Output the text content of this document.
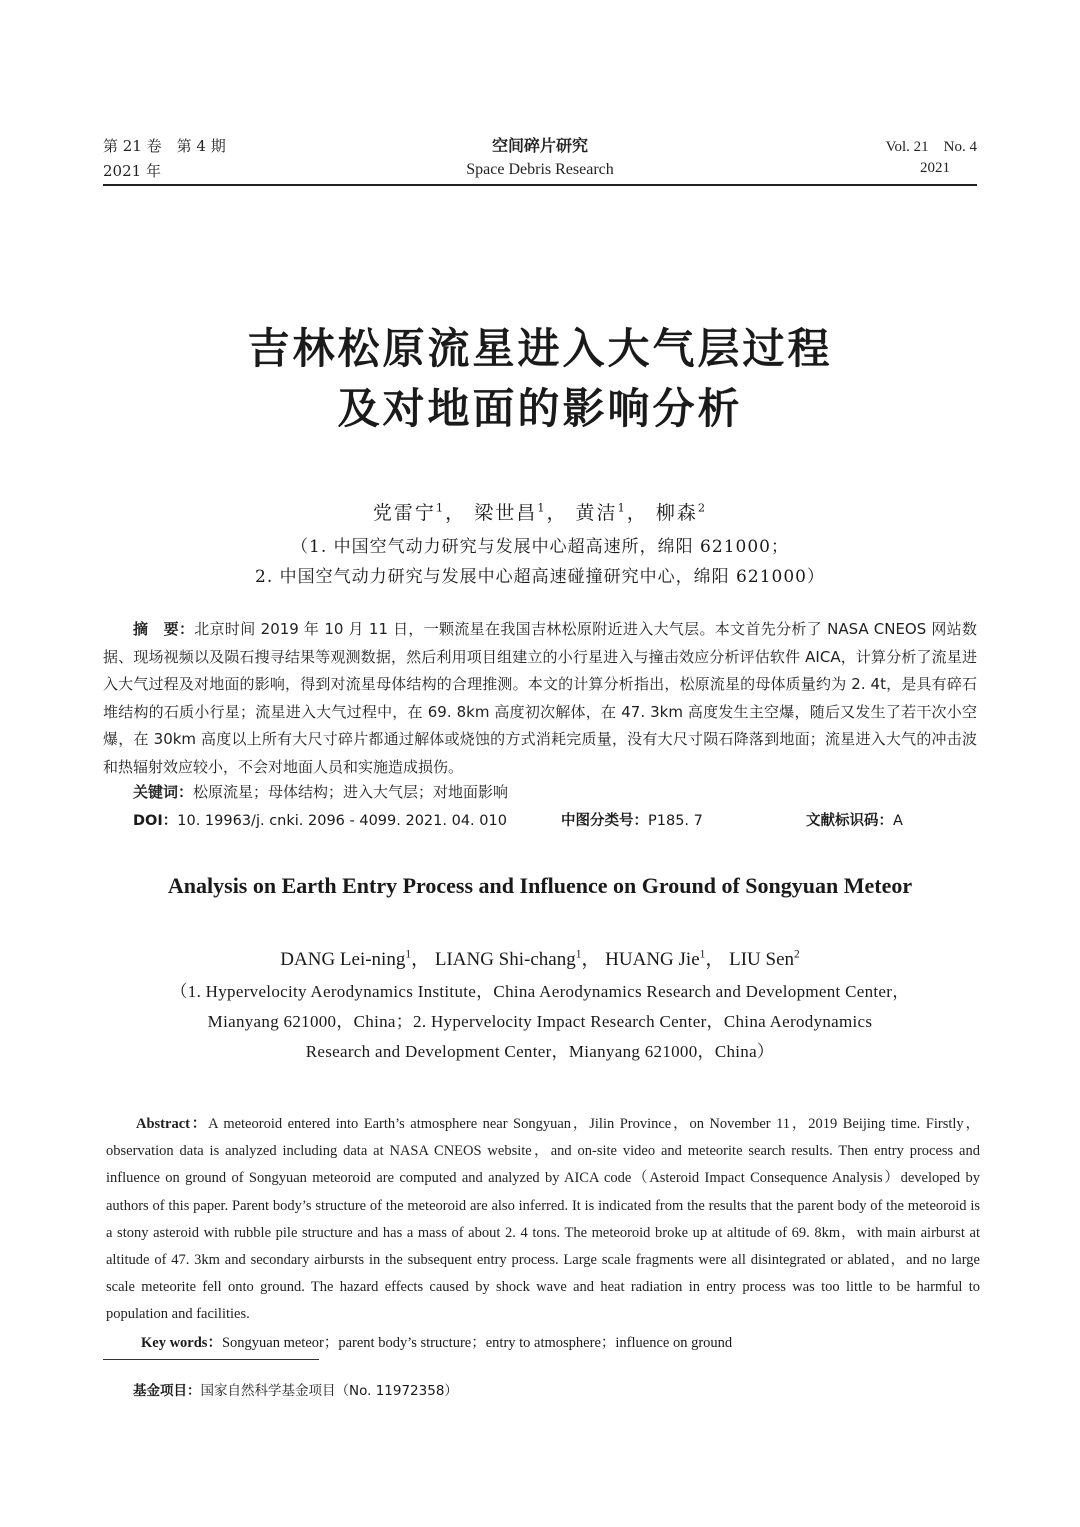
第 21 卷　第 4 期
2021 年
空间碎片研究
Space Debris Research
Vol. 21　No. 4
2021
吉林松原流星进入大气层过程
及对地面的影响分析
党雷宁$^1$， 梁世昌$^1$， 黄洁$^1$， 柳森$^2$
（1. 中国空气动力研究与发展中心超高速所，绵阳 621000；
2. 中国空气动力研究与发展中心超高速碰撞研究中心，绵阳 621000）
摘　要：北京时间 2019 年 10 月 11 日，一颗流星在我国吉林松原附近进入大气层。本文首先分析了 NASA CNEOS 网站数据、现场视频以及陨石搜寻结果等观测数据，然后利用项目组建立的小行星进入与撞击效应分析评估软件 AICA，计算分析了流星进入大气过程及对地面的影响，得到对流星母体结构的合理推测。本文的计算分析指出，松原流星的母体质量约为 2. 4t，是具有碎石堆结构的石质小行星；流星进入大气过程中，在 69. 8km 高度初次解体，在 47. 3km 高度发生主空爆，随后又发生了若干次小空爆，在 30km 高度以上所有大尺寸碎片都通过解体或烧蚀的方式消耗完质量，没有大尺寸陨石降落到地面；流星进入大气的冲击波和热辐射效应较小，不会对地面人员和实施造成损伤。
关键词：松原流星；母体结构；进入大气层；对地面影响
DOI：10. 19963/j. cnki. 2096 - 4099. 2021. 04. 010	中图分类号：P185. 7	文献标识码：A
Analysis on Earth Entry Process and Influence on Ground of Songyuan Meteor
DANG Lei-ning$^1$， LIANG Shi-chang$^1$， HUANG Jie$^1$， LIU Sen$^2$
（1. Hypervelocity Aerodynamics Institute，China Aerodynamics Research and Development Center，
Mianyang 621000，China；2. Hypervelocity Impact Research Center，China Aerodynamics
Research and Development Center，Mianyang 621000，China）
Abstract：A meteoroid entered into Earth’s atmosphere near Songyuan，Jilin Province，on November 11，2019 Beijing time. Firstly，observation data is analyzed including data at NASA CNEOS website，and on-site video and meteorite search results. Then entry process and influence on ground of Songyuan meteoroid are computed and analyzed by AICA code（Asteroid Impact Consequence Analysis）developed by authors of this paper. Parent body’s structure of the meteoroid are also inferred. It is indicated from the results that the parent body of the meteoroid is a stony asteroid with rubble pile structure and has a mass of about 2. 4 tons. The meteoroid broke up at altitude of 69. 8km，with main airburst at altitude of 47. 3km and secondary airbursts in the subsequent entry process. Large scale fragments were all disintegrated or ablated，and no large scale meteorite fell onto ground. The hazard effects caused by shock wave and heat radiation in entry process was too little to be harmful to population and facilities.
Key words：Songyuan meteor；parent body’s structure；entry to atmosphere；influence on ground
基金项目：国家自然科学基金项目（No. 11972358）
